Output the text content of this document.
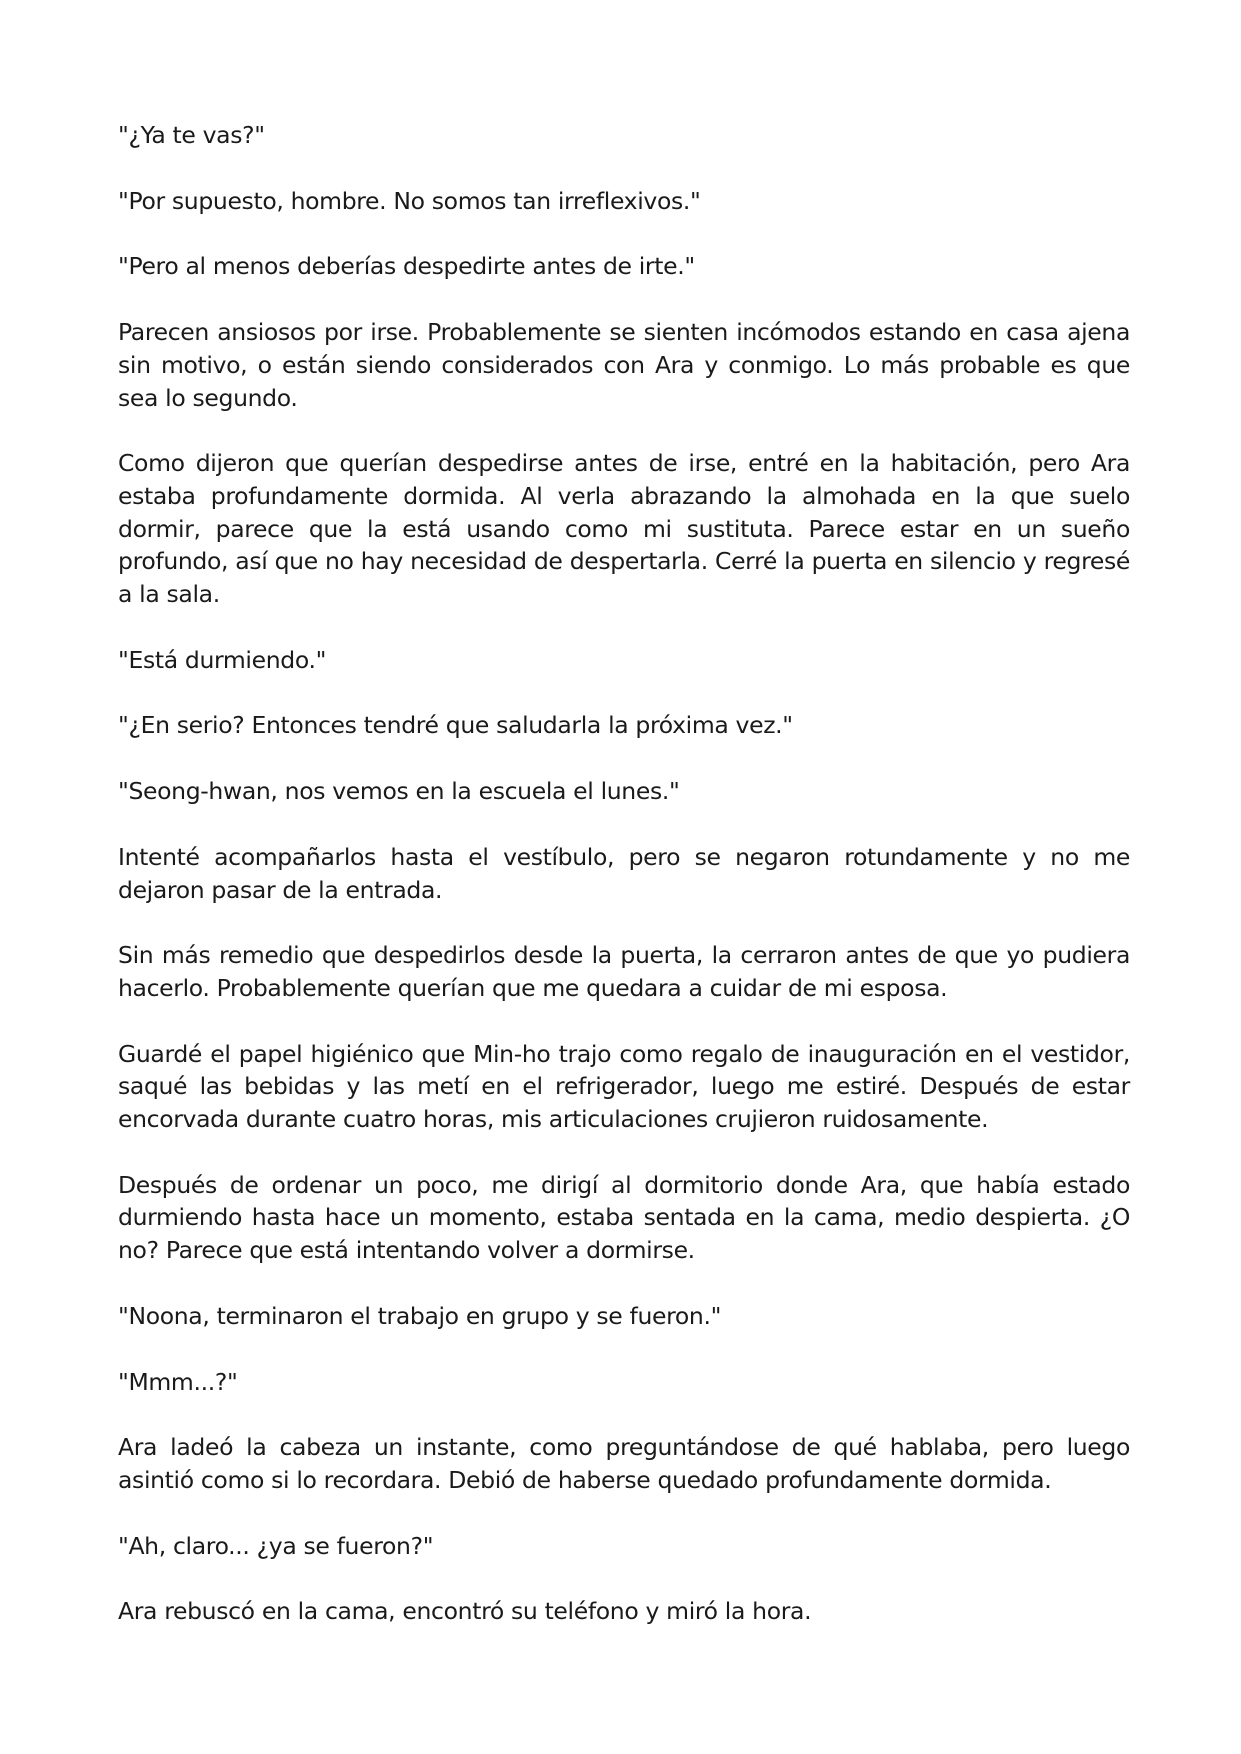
"¿Ya te vas?"

"Por supuesto, hombre. No somos tan irreflexivos."

"Pero al menos deberías despedirte antes de irte."

Parecen ansiosos por irse. Probablemente se sienten incómodos estando en casa ajena sin motivo, o están siendo considerados con Ara y conmigo. Lo más probable es que sea lo segundo.

Como dijeron que querían despedirse antes de irse, entré en la habitación, pero Ara estaba profundamente dormida. Al verla abrazando la almohada en la que suelo dormir, parece que la está usando como mi sustituta. Parece estar en un sueño profundo, así que no hay necesidad de despertarla. Cerré la puerta en silencio y regresé a la sala.

"Está durmiendo."

"¿En serio? Entonces tendré que saludarla la próxima vez."

"Seong-hwan, nos vemos en la escuela el lunes."

Intenté acompañarlos hasta el vestíbulo, pero se negaron rotundamente y no me dejaron pasar de la entrada.

Sin más remedio que despedirlos desde la puerta, la cerraron antes de que yo pudiera hacerlo. Probablemente querían que me quedara a cuidar de mi esposa.

Guardé el papel higiénico que Min-ho trajo como regalo de inauguración en el vestidor, saqué las bebidas y las metí en el refrigerador, luego me estiré. Después de estar encorvada durante cuatro horas, mis articulaciones crujieron ruidosamente.

Después de ordenar un poco, me dirigí al dormitorio donde Ara, que había estado durmiendo hasta hace un momento, estaba sentada en la cama, medio despierta. ¿O no? Parece que está intentando volver a dormirse.

"Noona, terminaron el trabajo en grupo y se fueron."

"Mmm...?"

Ara ladeó la cabeza un instante, como preguntándose de qué hablaba, pero luego asintió como si lo recordara. Debió de haberse quedado profundamente dormida.

"Ah, claro... ¿ya se fueron?"

Ara rebuscó en la cama, encontró su teléfono y miró la hora.
